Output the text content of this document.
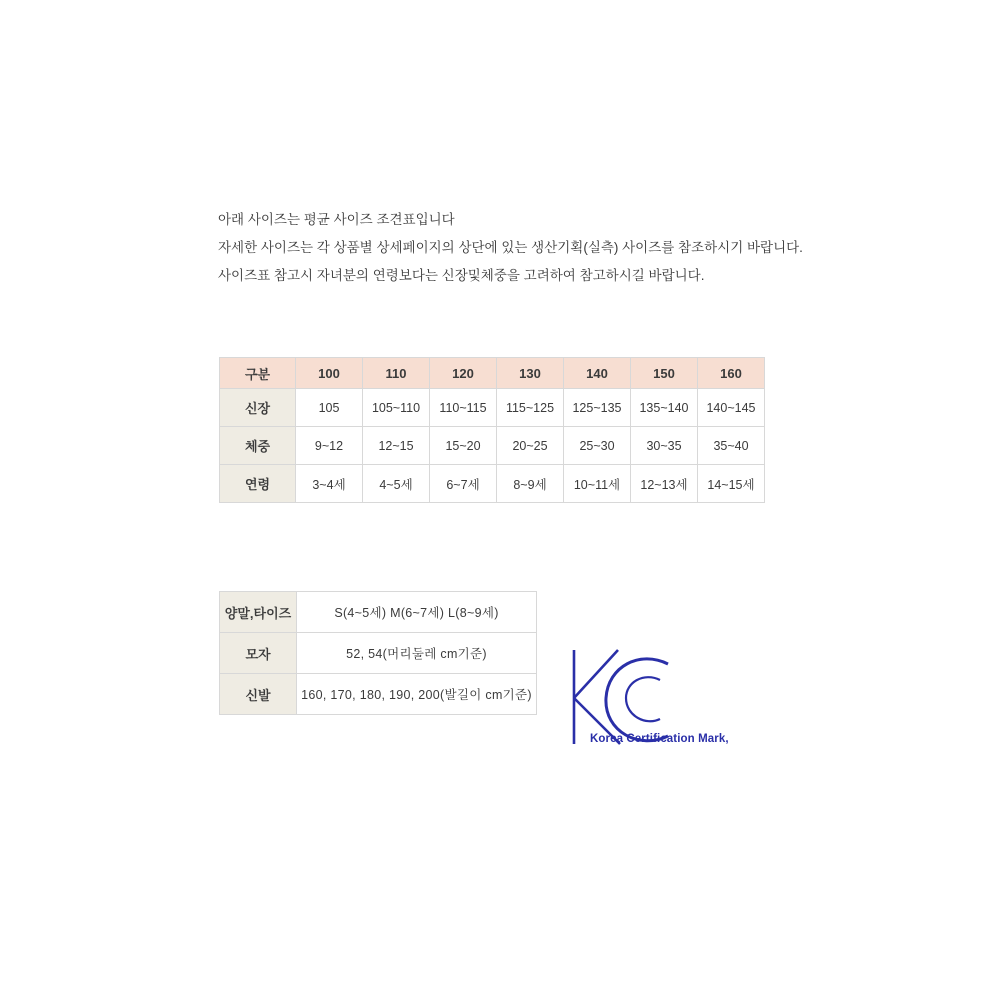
아래 사이즈는 평균 사이즈 조견표입니다
자세한 사이즈는 각 상품별 상세페이지의 상단에 있는 생산기획(실측) 사이즈를 참조하시기 바랍니다.
사이즈표 참고시 자녀분의 연령보다는 신장및체중을 고려하여 참고하시길 바랍니다.
구분	100	110	120	130	140	150	160
신장	105	105~110	110~115	115~125	125~135	135~140	140~145
체중	9~12	12~15	15~20	20~25	25~30	30~35	35~40
연령	3~4세	4~5세	6~7세	8~9세	10~11세	12~13세	14~15세
양말,타이즈	S(4~5세) M(6~7세) L(8~9세)
모자	52, 54(머리둘레 cm기준)
신발	160, 170, 180, 190, 200(발길이 cm기준)
Korea Certification Mark,
